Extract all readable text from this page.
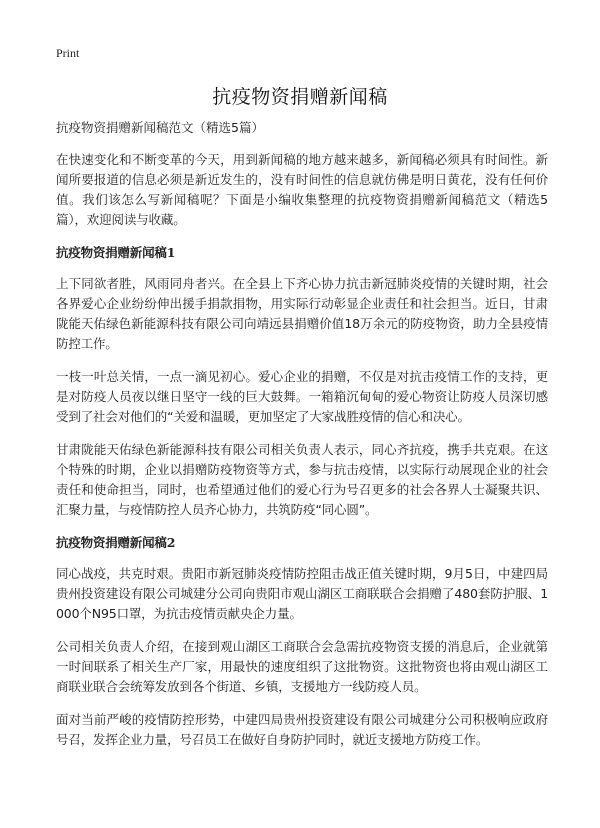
Print
抗疫物资捐赠新闻稿
抗疫物资捐赠新闻稿范文（精选5篇）

在快速变化和不断变革的今天，用到新闻稿的地方越来越多，新闻稿必须具有时间性。新闻所要报道的信息必须是新近发生的，没有时间性的信息就仿佛是明日黄花，没有任何价值。我们该怎么写新闻稿呢？下面是小编收集整理的抗疫物资捐赠新闻稿范文（精选5篇），欢迎阅读与收藏。

抗疫物资捐赠新闻稿1

上下同欲者胜，风雨同舟者兴。在全县上下齐心协力抗击新冠肺炎疫情的关键时期，社会各界爱心企业纷纷伸出援手捐款捐物，用实际行动彰显企业责任和社会担当。近日，甘肃陇能天佑绿色新能源科技有限公司向靖远县捐赠价值18万余元的防疫物资，助力全县疫情防控工作。

一枝一叶总关情，一点一滴见初心。爱心企业的捐赠，不仅是对抗击疫情工作的支持，更是对防疫人员夜以继日坚守一线的巨大鼓舞。一箱箱沉甸甸的爱心物资让防疫人员深切感受到了社会对他们的“关爱和温暖，更加坚定了大家战胜疫情的信心和决心。

甘肃陇能天佑绿色新能源科技有限公司相关负责人表示，同心齐抗疫，携手共克艰。在这个特殊的时期，企业以捐赠防疫物资等方式，参与抗击疫情，以实际行动展现企业的社会责任和使命担当，同时，也希望通过他们的爱心行为号召更多的社会各界人士凝聚共识、汇聚力量，与疫情防控人员齐心协力，共筑防疫“同心圆”。

抗疫物资捐赠新闻稿2

同心战疫，共克时艰。贵阳市新冠肺炎疫情防控阻击战正值关键时期，9月5日，中建四局贵州投资建设有限公司城建分公司向贵阳市观山湖区工商联联合会捐赠了480套防护服、1000个N95口罩，为抗击疫情贡献央企力量。

公司相关负责人介绍，在接到观山湖区工商联合会急需抗疫物资支援的消息后，企业就第一时间联系了相关生产厂家，用最快的速度组织了这批物资。这批物资也将由观山湖区工商联业联合会统筹发放到各个街道、乡镇，支援地方一线防疫人员。

面对当前严峻的疫情防控形势，中建四局贵州投资建设有限公司城建分公司积极响应政府号召，发挥企业力量，号召员工在做好自身防护同时，就近支援地方防疫工作。
